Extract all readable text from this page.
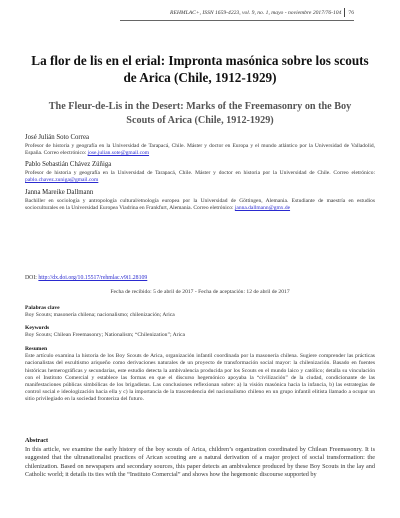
REHMLAC+, ISSN 1659-4223, vol. 9, no. 1, mayo - noviembre 2017/76-104 76
La flor de lis en el erial: Impronta masónica sobre los scouts de Arica (Chile, 1912-1929)
The Fleur-de-Lis in the Desert: Marks of the Freemasonry on the Boy Scouts of Arica (Chile, 1912-1929)
José Julián Soto Correa
Profesor de historia y geografía en la Universidad de Tarapacá, Chile. Máster y doctor en Europa y el mundo atlántico por la Universidad de Valladolid, España. Correo electrónico: jose.julian.sote@gmail.com
Pablo Sebastián Chávez Zúñiga
Profesor de historia y geografía en la Universidad de Tarapacá, Chile. Máster y doctor en historia por la Universidad de Chile. Correo eletrónico: pablo.chavez.zuniga@gmail.com
Janna Mareike Dallmann
Bachiller en sociología y antropología cultural/etnología europea por la Universidad de Göttingen, Alemania. Estudiante de maestría en estudios socioculturales en la Universidad Europea Viadrina en Frankfurt, Alemania. Correo eletrónico: janna.dallmann@gmx.de
DOI: http://dx.doi.org/10.15517/rehmlac.v9i1.28109
Fecha de recibido: 5 de abril de 2017 - Fecha de aceptación: 12 de abril de 2017
Palabras clave
Boy Scouts; masonería chilena; nacionalismo; chilenización; Arica
Keywords
Boy Scouts; Chilean Freemasonry; Nationalism; “Chilenization”; Arica
Resumen
Este artículo examina la historia de los Boy Scouts de Arica, organización infantil coordinada por la masonería chilena. Sugiere comprender las prácticas nacionalistas del escultismo ariqueño como derivaciones naturales de un proyecto de transformación social mayor: la chilenización. Basado en fuentes históricas hemerográficas y secundarias, este estudio detecta la ambivalencia producida por los Scouts en el mundo laico y católico; detalla su vinculación con el Instituto Comercial y establece las formas en que el discurso hegemónico apoyaba la “civilización” de la ciudad, condicionante de las manifestaciones públicas simbólicas de los brigadistas. Las conclusiones reflexionan sobre: a) la visión masónica hacia la infancia, b) las estrategias de control social e ideologización hacia ella y c) la importancia de la trascendencia del nacionalismo chileno en un grupo infantil elitista llamado a ocupar un sitio privilegiado en la sociedad fronteriza del futuro.
Abstract
In this article, we examine the early history of the boy scouts of Arica, children’s organization coordinated by Chilean Freemasonry. It is suggested that the ultranationalist practices of Arican scouting are a natural derivation of a major project of social transformation: the chilenization. Based on newspapers and secondary sources, this paper detects an ambivalence produced by these Boy Scouts in the lay and Catholic world; it details its ties with the “Instituto Comercial” and shows how the hegemonic discourse supported by
